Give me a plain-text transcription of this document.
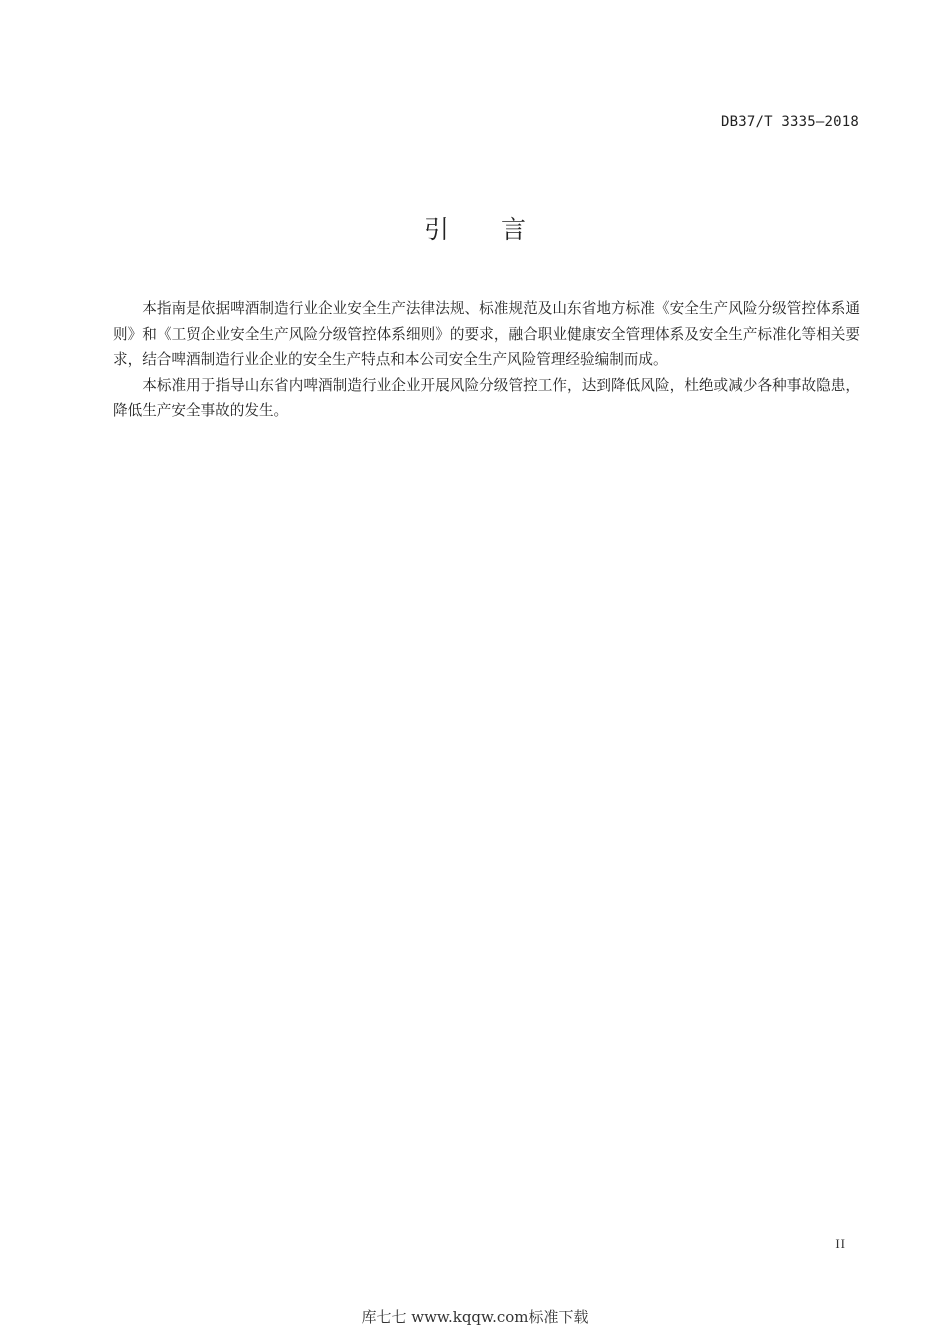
DB37/T 3335—2018
引 言

本指南是依据啤酒制造行业企业安全生产法律法规、标准规范及山东省地方标准《安全生产风险分级管控体系通则》和《工贸企业安全生产风险分级管控体系细则》的要求，融合职业健康安全管理体系及安全生产标准化等相关要求，结合啤酒制造行业企业的安全生产特点和本公司安全生产风险管理经验编制而成。

本标准用于指导山东省内啤酒制造行业企业开展风险分级管控工作，达到降低风险，杜绝或减少各种事故隐患，降低生产安全事故的发生。

II
库七七 www.kqqw.com标准下载
